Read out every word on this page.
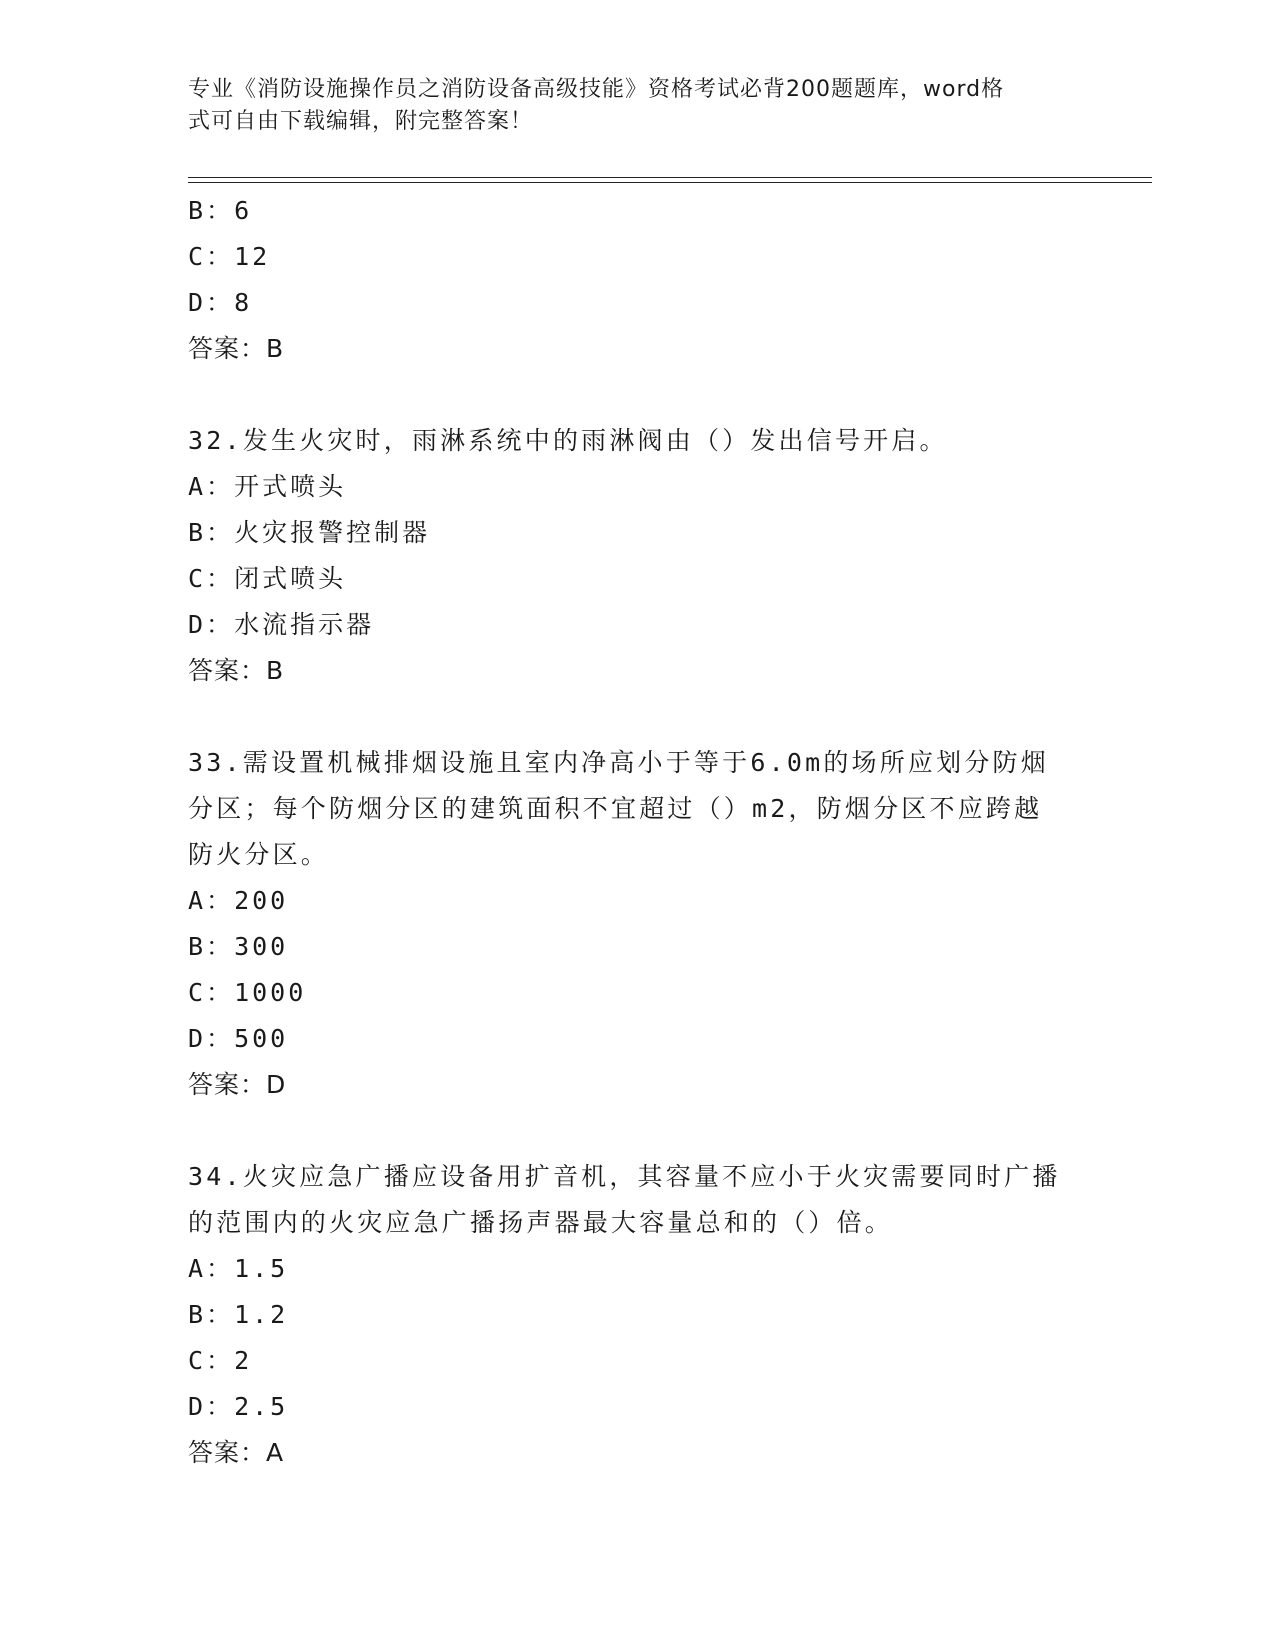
专业《消防设施操作员之消防设备高级技能》资格考试必背200题题库，word格
式可自由下载编辑，附完整答案！
B：6
C：12
D：8
答案：B
32.发生火灾时，雨淋系统中的雨淋阀由（）发出信号开启。
A：开式喷头
B：火灾报警控制器
C：闭式喷头
D：水流指示器
答案：B
33.需设置机械排烟设施且室内净高小于等于6.0m的场所应划分防烟
分区；每个防烟分区的建筑面积不宜超过（）m2，防烟分区不应跨越
防火分区。
A：200
B：300
C：1000
D：500
答案：D
34.火灾应急广播应设备用扩音机，其容量不应小于火灾需要同时广播
的范围内的火灾应急广播扬声器最大容量总和的（）倍。
A：1.5
B：1.2
C：2
D：2.5
答案：A
